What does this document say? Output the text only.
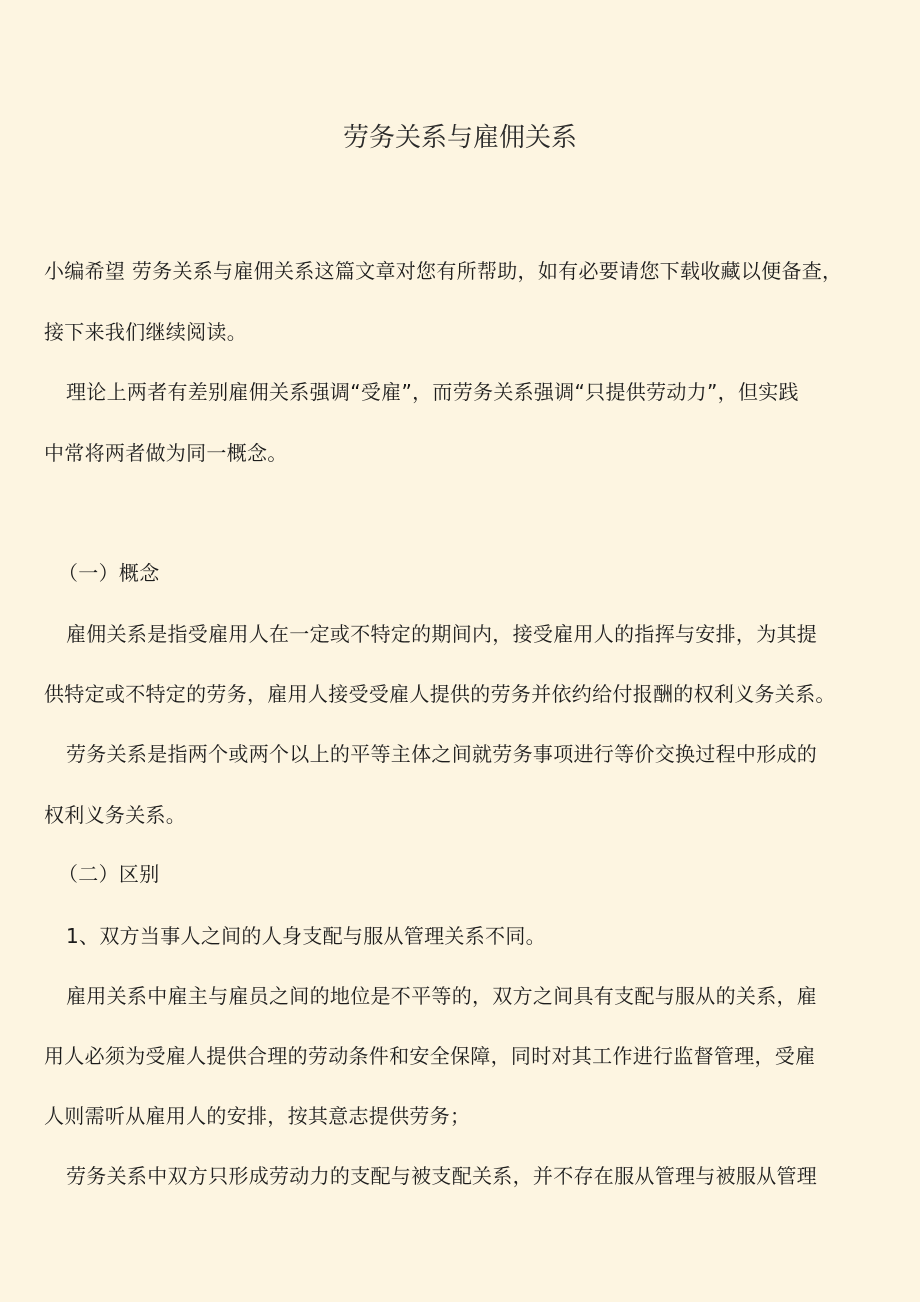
劳务关系与雇佣关系
小编希望 劳务关系与雇佣关系这篇文章对您有所帮助，如有必要请您下载收藏以便备查，
接下来我们继续阅读。
理论上两者有差别雇佣关系强调“受雇”，而劳务关系强调“只提供劳动力”，但实践
中常将两者做为同一概念。
（一）概念
雇佣关系是指受雇用人在一定或不特定的期间内，接受雇用人的指挥与安排，为其提
供特定或不特定的劳务，雇用人接受受雇人提供的劳务并依约给付报酬的权利义务关系。
劳务关系是指两个或两个以上的平等主体之间就劳务事项进行等价交换过程中形成的
权利义务关系。
（二）区别
1、双方当事人之间的人身支配与服从管理关系不同。
雇用关系中雇主与雇员之间的地位是不平等的，双方之间具有支配与服从的关系，雇
用人必须为受雇人提供合理的劳动条件和安全保障，同时对其工作进行监督管理，受雇
人则需听从雇用人的安排，按其意志提供劳务；
劳务关系中双方只形成劳动力的支配与被支配关系，并不存在服从管理与被服从管理
